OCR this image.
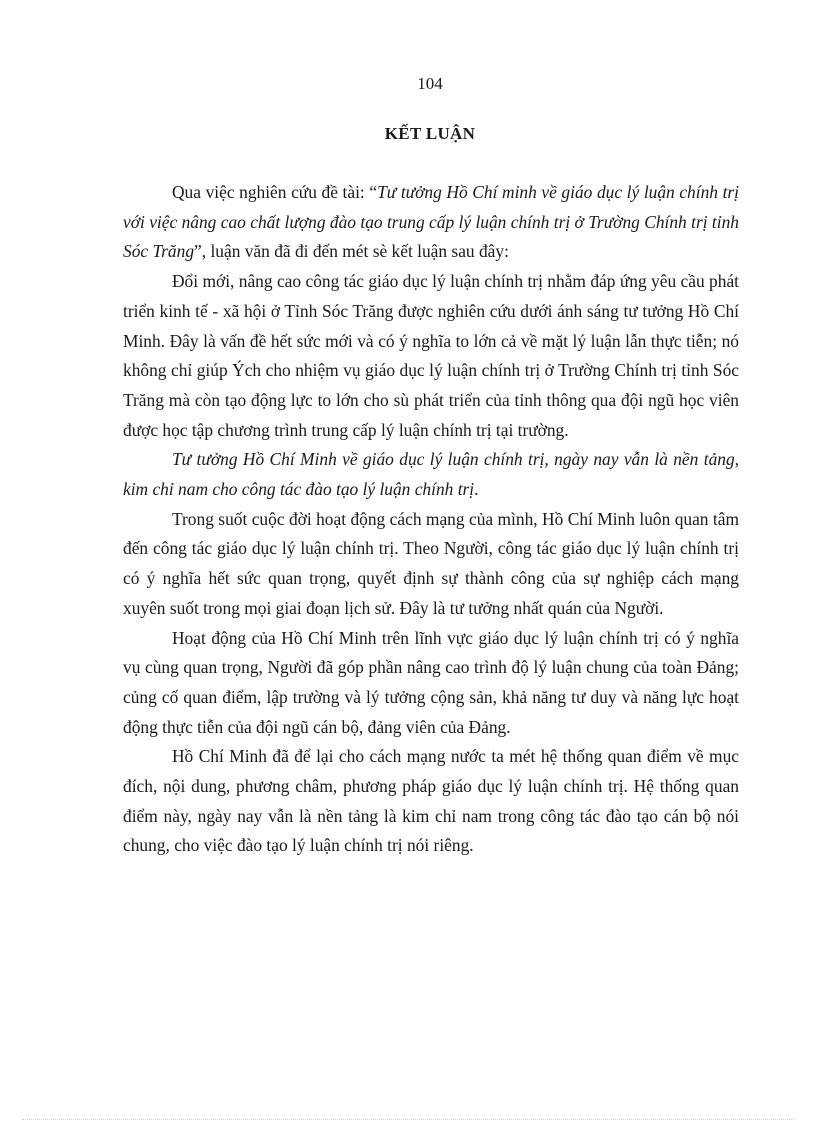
104
KẾT LUẬN

Qua việc nghiên cứu đề tài: “Tư tưởng Hồ Chí minh về giáo dục lý luận chính trị với việc nâng cao chất lượng đào tạo trung cấp lý luận chính trị ở Trường Chính trị tỉnh Sóc Trăng”, luận văn đã đi đến mét sè kết luận sau đây:

Đổi mới, nâng cao công tác giáo dục lý luận chính trị nhằm đáp ứng yêu cầu phát triển kinh tế - xã hội ở Tỉnh Sóc Trăng được nghiên cứu dưới ánh sáng tư tưởng Hồ Chí Minh. Đây là vấn đề hết sức mới và có ý nghĩa to lớn cả về mặt lý luận lẫn thực tiễn; nó không chỉ giúp Ých cho nhiệm vụ giáo dục lý luận chính trị ở Trường Chính trị tỉnh Sóc Trăng mà còn tạo động lực to lớn cho sù phát triển của tỉnh thông qua đội ngũ học viên được học tập chương trình trung cấp lý luận chính trị tại trường.

Tư tưởng Hồ Chí Minh về giáo dục lý luận chính trị, ngày nay vẫn là nền tảng, kim chỉ nam cho công tác đào tạo lý luận chính trị.

Trong suốt cuộc đời hoạt động cách mạng của mình, Hồ Chí Minh luôn quan tâm đến công tác giáo dục lý luận chính trị. Theo Người, công tác giáo dục lý luận chính trị có ý nghĩa hết sức quan trọng, quyết định sự thành công của sự nghiệp cách mạng xuyên suốt trong mọi giai đoạn lịch sử. Đây là tư tưởng nhất quán của Người.

Hoạt động của Hồ Chí Minh trên lĩnh vực giáo dục lý luận chính trị có ý nghĩa vụ cùng quan trọng, Người đã góp phần nâng cao trình độ lý luận chung của toàn Đảng; củng cố quan điểm, lập trường và lý tưởng cộng sản, khả năng tư duy và năng lực hoạt động thực tiễn của đội ngũ cán bộ, đảng viên của Đảng.

Hồ Chí Minh đã để lại cho cách mạng nước ta mét hệ thống quan điểm về mục đích, nội dung, phương châm, phương pháp giáo dục lý luận chính trị. Hệ thống quan điểm này, ngày nay vẫn là nền tảng là kim chỉ nam trong công tác đào tạo cán bộ nói chung, cho việc đào tạo lý luận chính trị nói riêng.
